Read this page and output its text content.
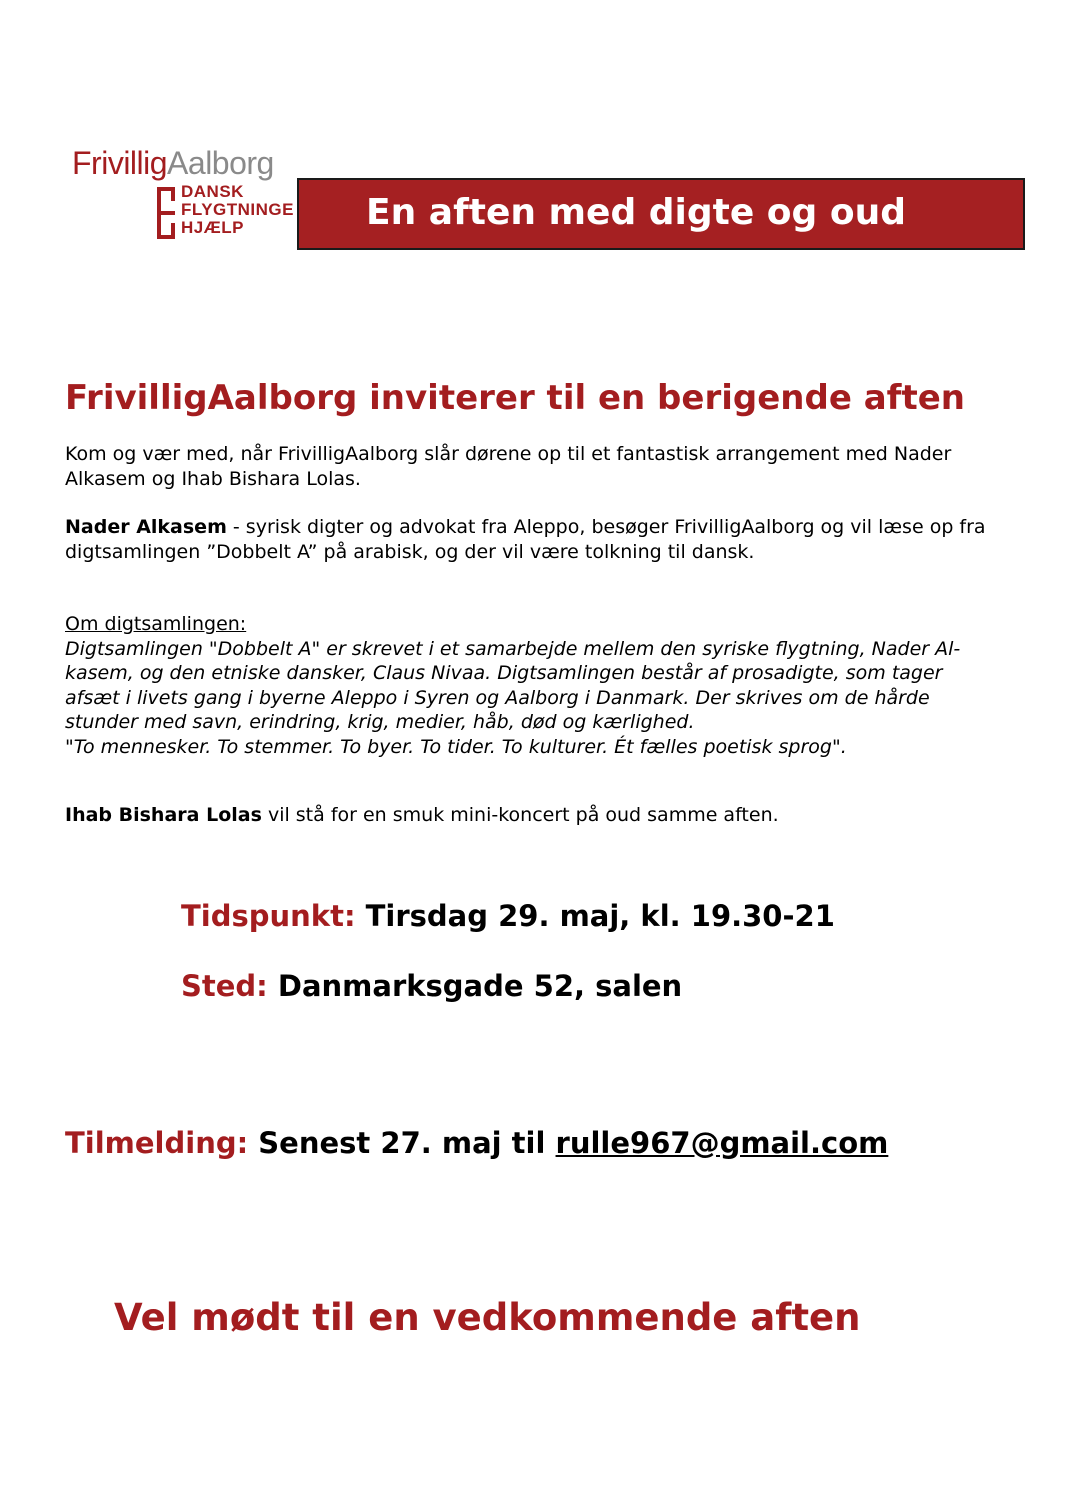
FrivilligAalborg
DANSK
FLYGTNINGE
HJÆLP	En aften med digte og oud
FrivilligAalborg inviterer til en berigende aften
Kom og vær med, når FrivilligAalborg slår dørene op til et fantastisk arrangement med Nader Alkasem og Ihab Bishara Lolas.
Nader Alkasem - syrisk digter og advokat fra Aleppo, besøger FrivilligAalborg og vil læse op fra digtsamlingen ”Dobbelt A” på arabisk, og der vil være tolkning til dansk.
Om digtsamlingen:
Digtsamlingen "Dobbelt A" er skrevet i et samarbejde mellem den syriske flygtning, Nader Al-
kasem, og den etniske dansker, Claus Nivaa. Digtsamlingen består af prosadigte, som tager
afsæt i livets gang i byerne Aleppo i Syren og Aalborg i Danmark. Der skrives om de hårde
stunder med savn, erindring, krig, medier, håb, død og kærlighed.
"To mennesker. To stemmer. To byer. To tider. To kulturer. Ét fælles poetisk sprog".
Ihab Bishara Lolas vil stå for en smuk mini-koncert på oud samme aften.
Tidspunkt: Tirsdag 29. maj, kl. 19.30-21
Sted: Danmarksgade 52, salen
Tilmelding: Senest 27. maj til rulle967@gmail.com
Vel mødt til en vedkommende aften
